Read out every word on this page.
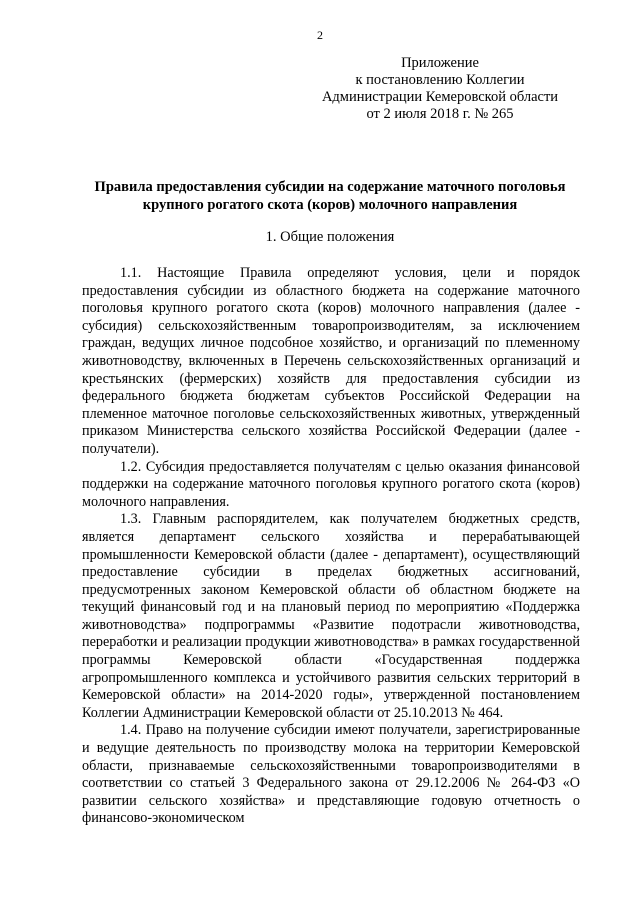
2
Приложение
к постановлению Коллегии
Администрации Кемеровской области
от 2 июля 2018 г. № 265
Правила предоставления субсидии на содержание маточного поголовья
крупного рогатого скота (коров) молочного направления
1. Общие положения

1.1. Настоящие Правила определяют условия, цели и порядок предоставления субсидии из областного бюджета на содержание маточного поголовья крупного рогатого скота (коров) молочного направления (далее - субсидия) сельскохозяйственным товаропроизводителям, за исключением граждан, ведущих личное подсобное хозяйство, и организаций по племенному животноводству, включенных в Перечень сельскохозяйственных организаций и крестьянских (фермерских) хозяйств для предоставления субсидии из федерального бюджета бюджетам субъектов Российской Федерации на племенное маточное поголовье сельскохозяйственных животных, утвержденный приказом Министерства сельского хозяйства Российской Федерации (далее - получатели).

1.2. Субсидия предоставляется получателям с целью оказания финансовой поддержки на содержание маточного поголовья крупного рогатого скота (коров) молочного направления.

1.3. Главным распорядителем, как получателем бюджетных средств, является департамент сельского хозяйства и перерабатывающей промышленности Кемеровской области (далее - департамент), осуществляющий предоставление субсидии в пределах бюджетных ассигнований, предусмотренных законом Кемеровской области об областном бюджете на текущий финансовый год и на плановый период по мероприятию «Поддержка животноводства» подпрограммы «Развитие подотрасли животноводства, переработки и реализации продукции животноводства» в рамках государственной программы Кемеровской области «Государственная поддержка агропромышленного комплекса и устойчивого развития сельских территорий в Кемеровской области» на 2014-2020 годы», утвержденной постановлением Коллегии Администрации Кемеровской области от 25.10.2013 № 464.

1.4. Право на получение субсидии имеют получатели, зарегистрированные и ведущие деятельность по производству молока на территории Кемеровской области, признаваемые сельскохозяйственными товаропроизводителями в соответствии со статьей 3 Федерального закона от 29.12.2006 № 264-ФЗ «О развитии сельского хозяйства» и представляющие годовую отчетность о финансово-экономическом
